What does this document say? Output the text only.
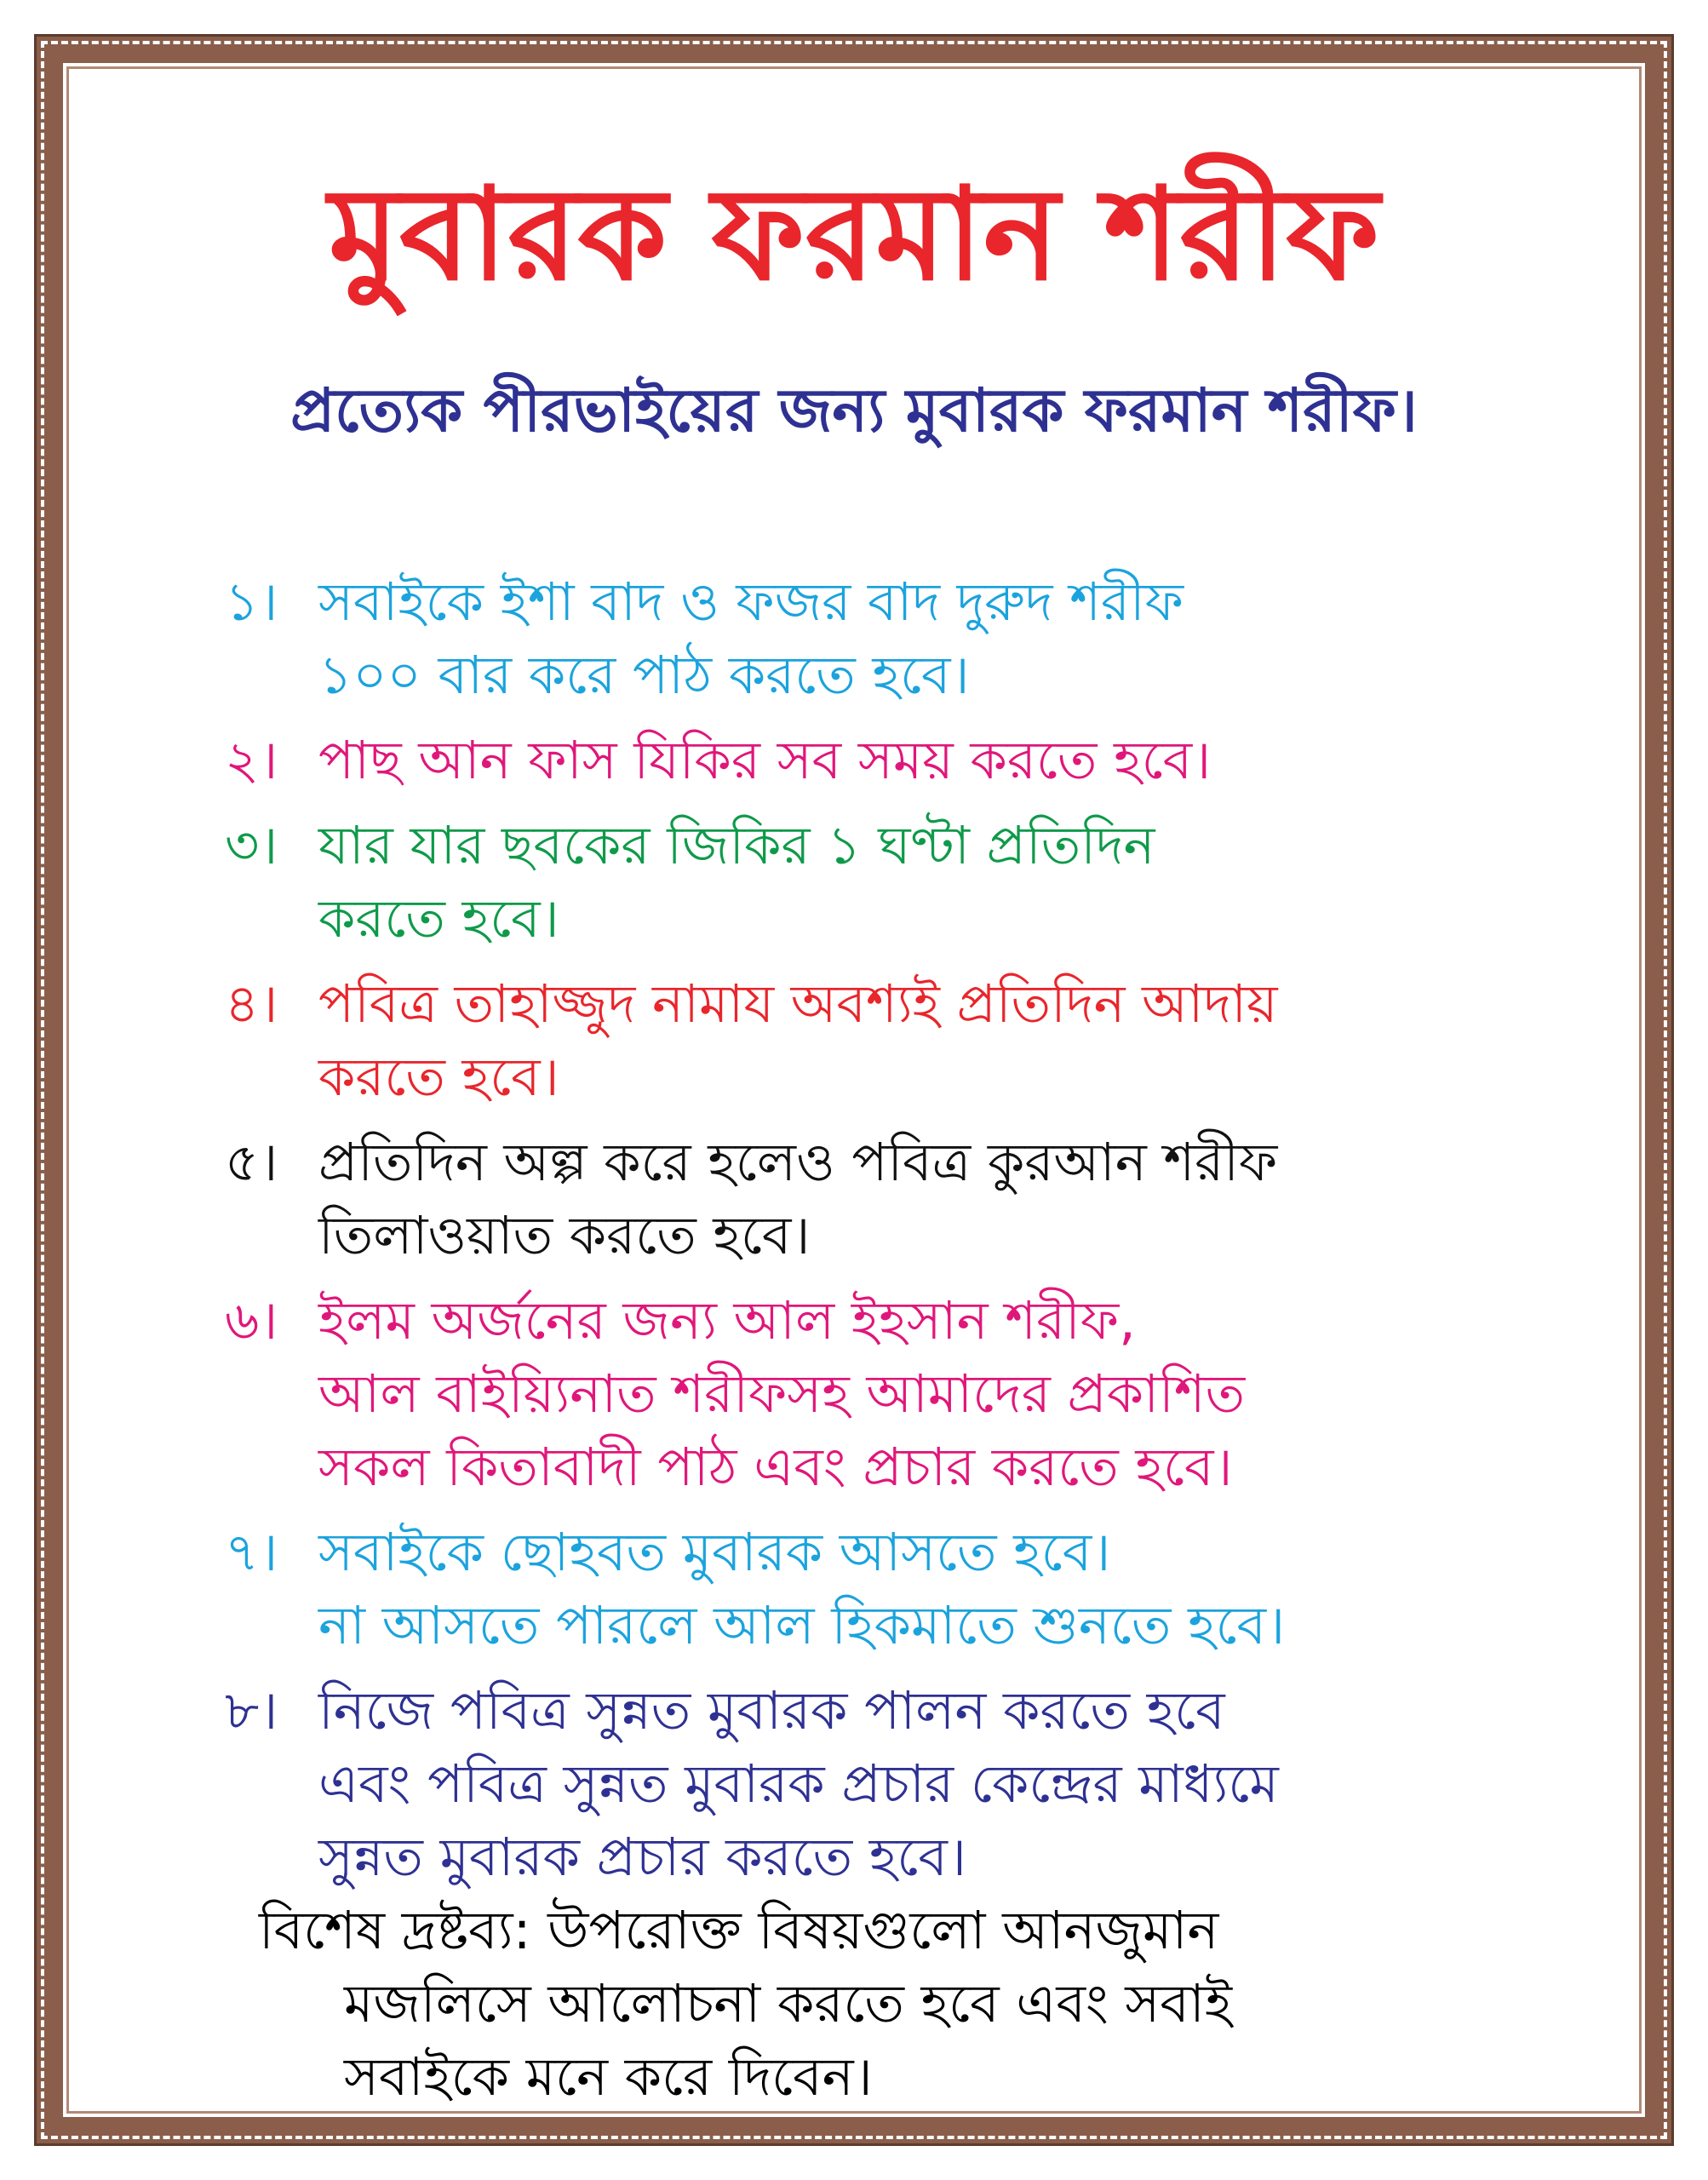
মুবারক ফরমান শরীফ
প্রত্যেক পীরভাইয়ের জন্য মুবারক ফরমান শরীফ।
১। সবাইকে ইশা বাদ ও ফজর বাদ দুরুদ শরীফ
১০০ বার করে পাঠ করতে হবে।
২। পাছ আন ফাস যিকির সব সময় করতে হবে।
৩। যার যার ছবকের জিকির ১ ঘণ্টা প্রতিদিন
করতে হবে।
৪। পবিত্র তাহাজ্জুদ নামায অবশ্যই প্রতিদিন আদায়
করতে হবে।
৫। প্রতিদিন অল্প করে হলেও পবিত্র কুরআন শরীফ
তিলাওয়াত করতে হবে।
৬। ইলম অর্জনের জন্য আল ইহসান শরীফ,
আল বাইয়্যিনাত শরীফসহ আমাদের প্রকাশিত
সকল কিতাবাদী পাঠ এবং প্রচার করতে হবে।
৭। সবাইকে ছোহবত মুবারক আসতে হবে।
না আসতে পারলে আল হিকমাতে শুনতে হবে।
৮। নিজে পবিত্র সুন্নত মুবারক পালন করতে হবে
এবং পবিত্র সুন্নত মুবারক প্রচার কেন্দ্রের মাধ্যমে
সুন্নত মুবারক প্রচার করতে হবে।
বিশেষ দ্রষ্টব্য: উপরোক্ত বিষয়গুলো আনজুমান
মজলিসে আলোচনা করতে হবে এবং সবাই
সবাইকে মনে করে দিবেন।
